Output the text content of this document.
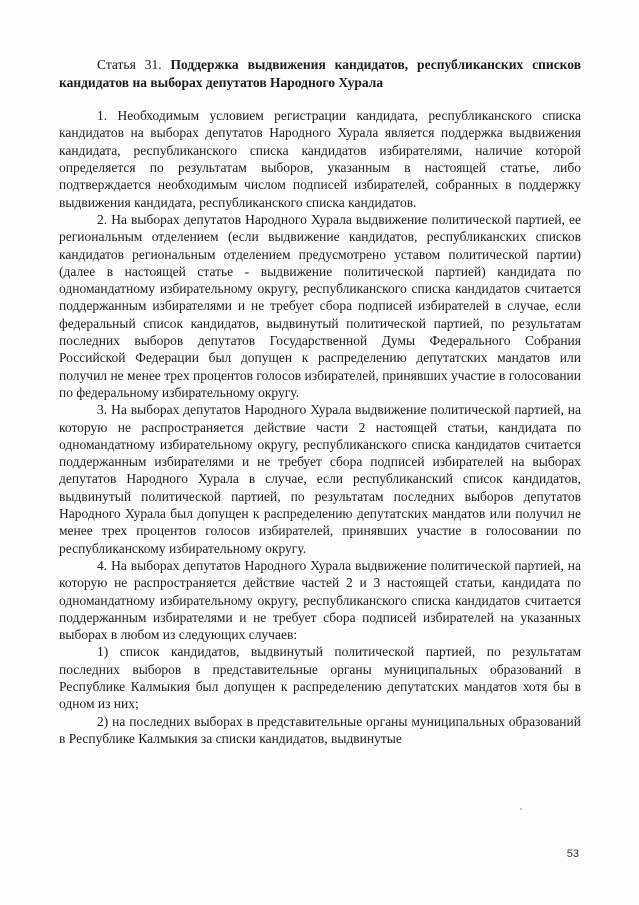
Статья 31. Поддержка выдвижения кандидатов, республиканских списков кандидатов на выборах депутатов Народного Хурала

1. Необходимым условием регистрации кандидата, республиканского списка кандидатов на выборах депутатов Народного Хурала является поддержка выдвижения кандидата, республиканского списка кандидатов избирателями, наличие которой определяется по результатам выборов, указанным в настоящей статье, либо подтверждается необходимым числом подписей избирателей, собранных в поддержку выдвижения кандидата, республиканского списка кандидатов.

2. На выборах депутатов Народного Хурала выдвижение политической партией, ее региональным отделением (если выдвижение кандидатов, республиканских списков кандидатов региональным отделением предусмотрено уставом политической партии) (далее в настоящей статье - выдвижение политической партией) кандидата по одномандатному избирательному округу, республиканского списка кандидатов считается поддержанным избирателями и не требует сбора подписей избирателей в случае, если федеральный список кандидатов, выдвинутый политической партией, по результатам последних выборов депутатов Государственной Думы Федерального Собрания Российской Федерации был допущен к распределению депутатских мандатов или получил не менее трех процентов голосов избирателей, принявших участие в голосовании по федеральному избирательному округу.

3. На выборах депутатов Народного Хурала выдвижение политической партией, на которую не распространяется действие части 2 настоящей статьи, кандидата по одномандатному избирательному округу, республиканского списка кандидатов считается поддержанным избирателями и не требует сбора подписей избирателей на выборах депутатов Народного Хурала в случае, если республиканский список кандидатов, выдвинутый политической партией, по результатам последних выборов депутатов Народного Хурала был допущен к распределению депутатских мандатов или получил не менее трех процентов голосов избирателей, принявших участие в голосовании по республиканскому избирательному округу.

4. На выборах депутатов Народного Хурала выдвижение политической партией, на которую не распространяется действие частей 2 и 3 настоящей статьи, кандидата по одномандатному избирательному округу, республиканского списка кандидатов считается поддержанным избирателями и не требует сбора подписей избирателей на указанных выборах в любом из следующих случаев:

1) список кандидатов, выдвинутый политической партией, по результатам последних выборов в представительные органы муниципальных образований в Республике Калмыкия был допущен к распределению депутатских мандатов хотя бы в одном из них;

2) на последних выборах в представительные органы муниципальных образований в Республике Калмыкия за списки кандидатов, выдвинутые

53
